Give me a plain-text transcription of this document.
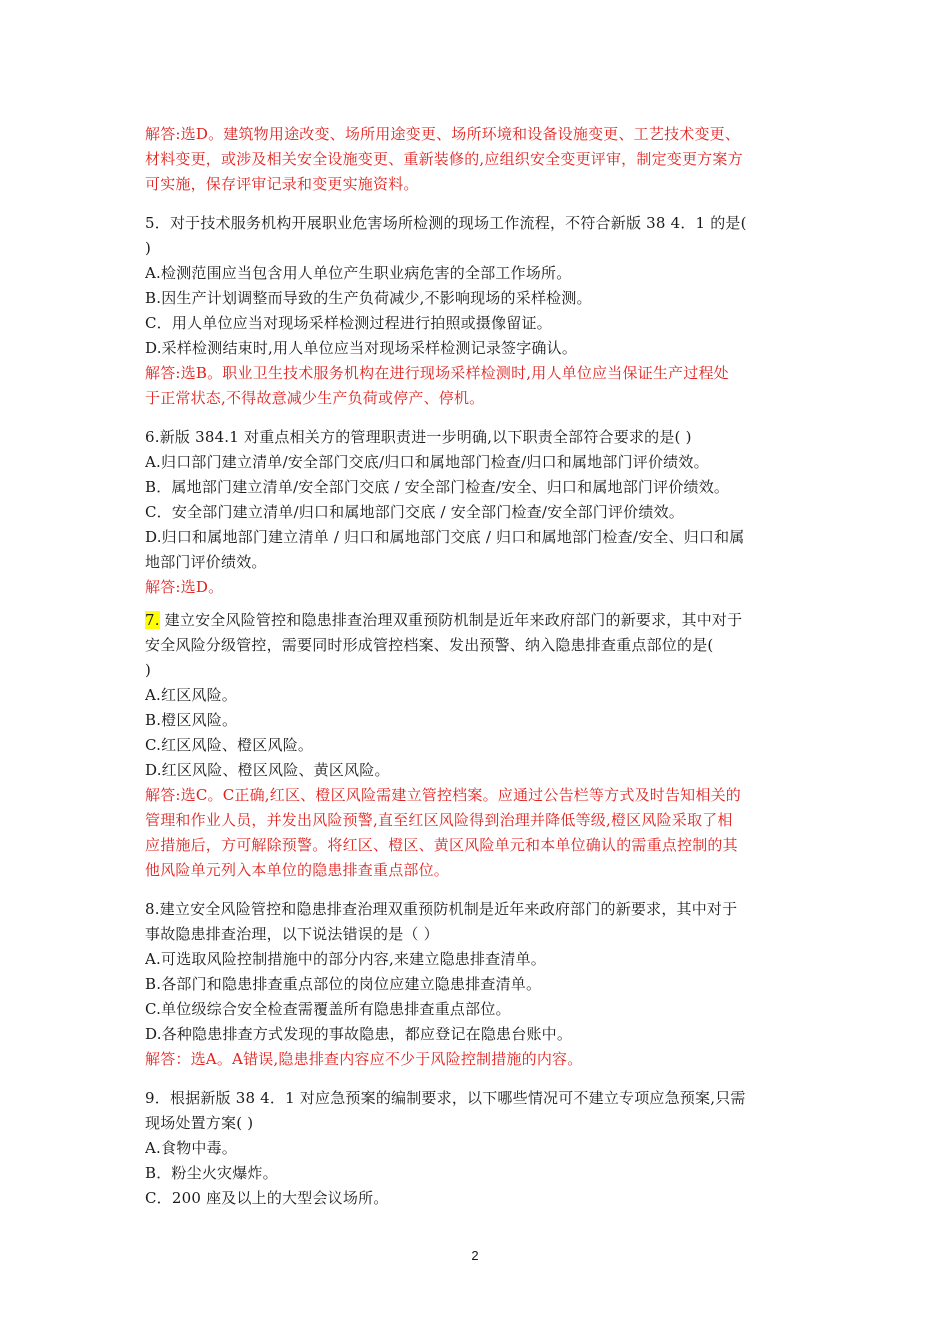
解答:选D。建筑物用途改变、场所用途变更、场所环境和设备设施变更、工艺技术变更、
材料变更，或涉及相关安全设施变更、重新装修的,应组织安全变更评审，制定变更方案方
可实施，保存评审记录和变更实施资料。
5．对于技术服务机构开展职业危害场所检测的现场工作流程，不符合新版 38 4．1 的是(
)
A.检测范围应当包含用人单位产生职业病危害的全部工作场所。
B.因生产计划调整而导致的生产负荷减少,不影响现场的采样检测。
C．用人单位应当对现场采样检测过程进行拍照或摄像留证。
D.采样检测结束时,用人单位应当对现场采样检测记录签字确认。
解答:选B。职业卫生技术服务机构在进行现场采样检测时,用人单位应当保证生产过程处
于正常状态,不得故意减少生产负荷或停产、停机。
6.新版 384.1 对重点相关方的管理职责进一步明确,以下职责全部符合要求的是( )
A.归口部门建立清单/安全部门交底/归口和属地部门检查/归口和属地部门评价绩效。
B．属地部门建立清单/安全部门交底 / 安全部门检查/安全、归口和属地部门评价绩效。
C．安全部门建立清单/归口和属地部门交底 / 安全部门检查/安全部门评价绩效。
D.归口和属地部门建立清单 / 归口和属地部门交底 / 归口和属地部门检查/安全、归口和属
地部门评价绩效。
解答:选D。
7. 建立安全风险管控和隐患排查治理双重预防机制是近年来政府部门的新要求，其中对于
安全风险分级管控，需要同时形成管控档案、发出预警、纳入隐患排查重点部位的是(
)
A.红区风险。
B.橙区风险。
C.红区风险、橙区风险。
D.红区风险、橙区风险、黄区风险。
解答:选C。C正确,红区、橙区风险需建立管控档案。应通过公告栏等方式及时告知相关的
管理和作业人员，并发出风险预警,直至红区风险得到治理并降低等级,橙区风险采取了相
应措施后，方可解除预警。将红区、橙区、黄区风险单元和本单位确认的需重点控制的其
他风险单元列入本单位的隐患排查重点部位。
8.建立安全风险管控和隐患排查治理双重预防机制是近年来政府部门的新要求，其中对于
事故隐患排查治理，以下说法错误的是（ ）
A.可选取风险控制措施中的部分内容,来建立隐患排查清单。
B.各部门和隐患排查重点部位的岗位应建立隐患排查清单。
C.单位级综合安全检查需覆盖所有隐患排查重点部位。
D.各种隐患排查方式发现的事故隐患，都应登记在隐患台账中。
解答：选A。A错误,隐患排查内容应不少于风险控制措施的内容。
9．根据新版 38 4．1 对应急预案的编制要求，以下哪些情况可不建立专项应急预案,只需
现场处置方案( )
A.食物中毒。
B．粉尘火灾爆炸。
C．200 座及以上的大型会议场所。
2
